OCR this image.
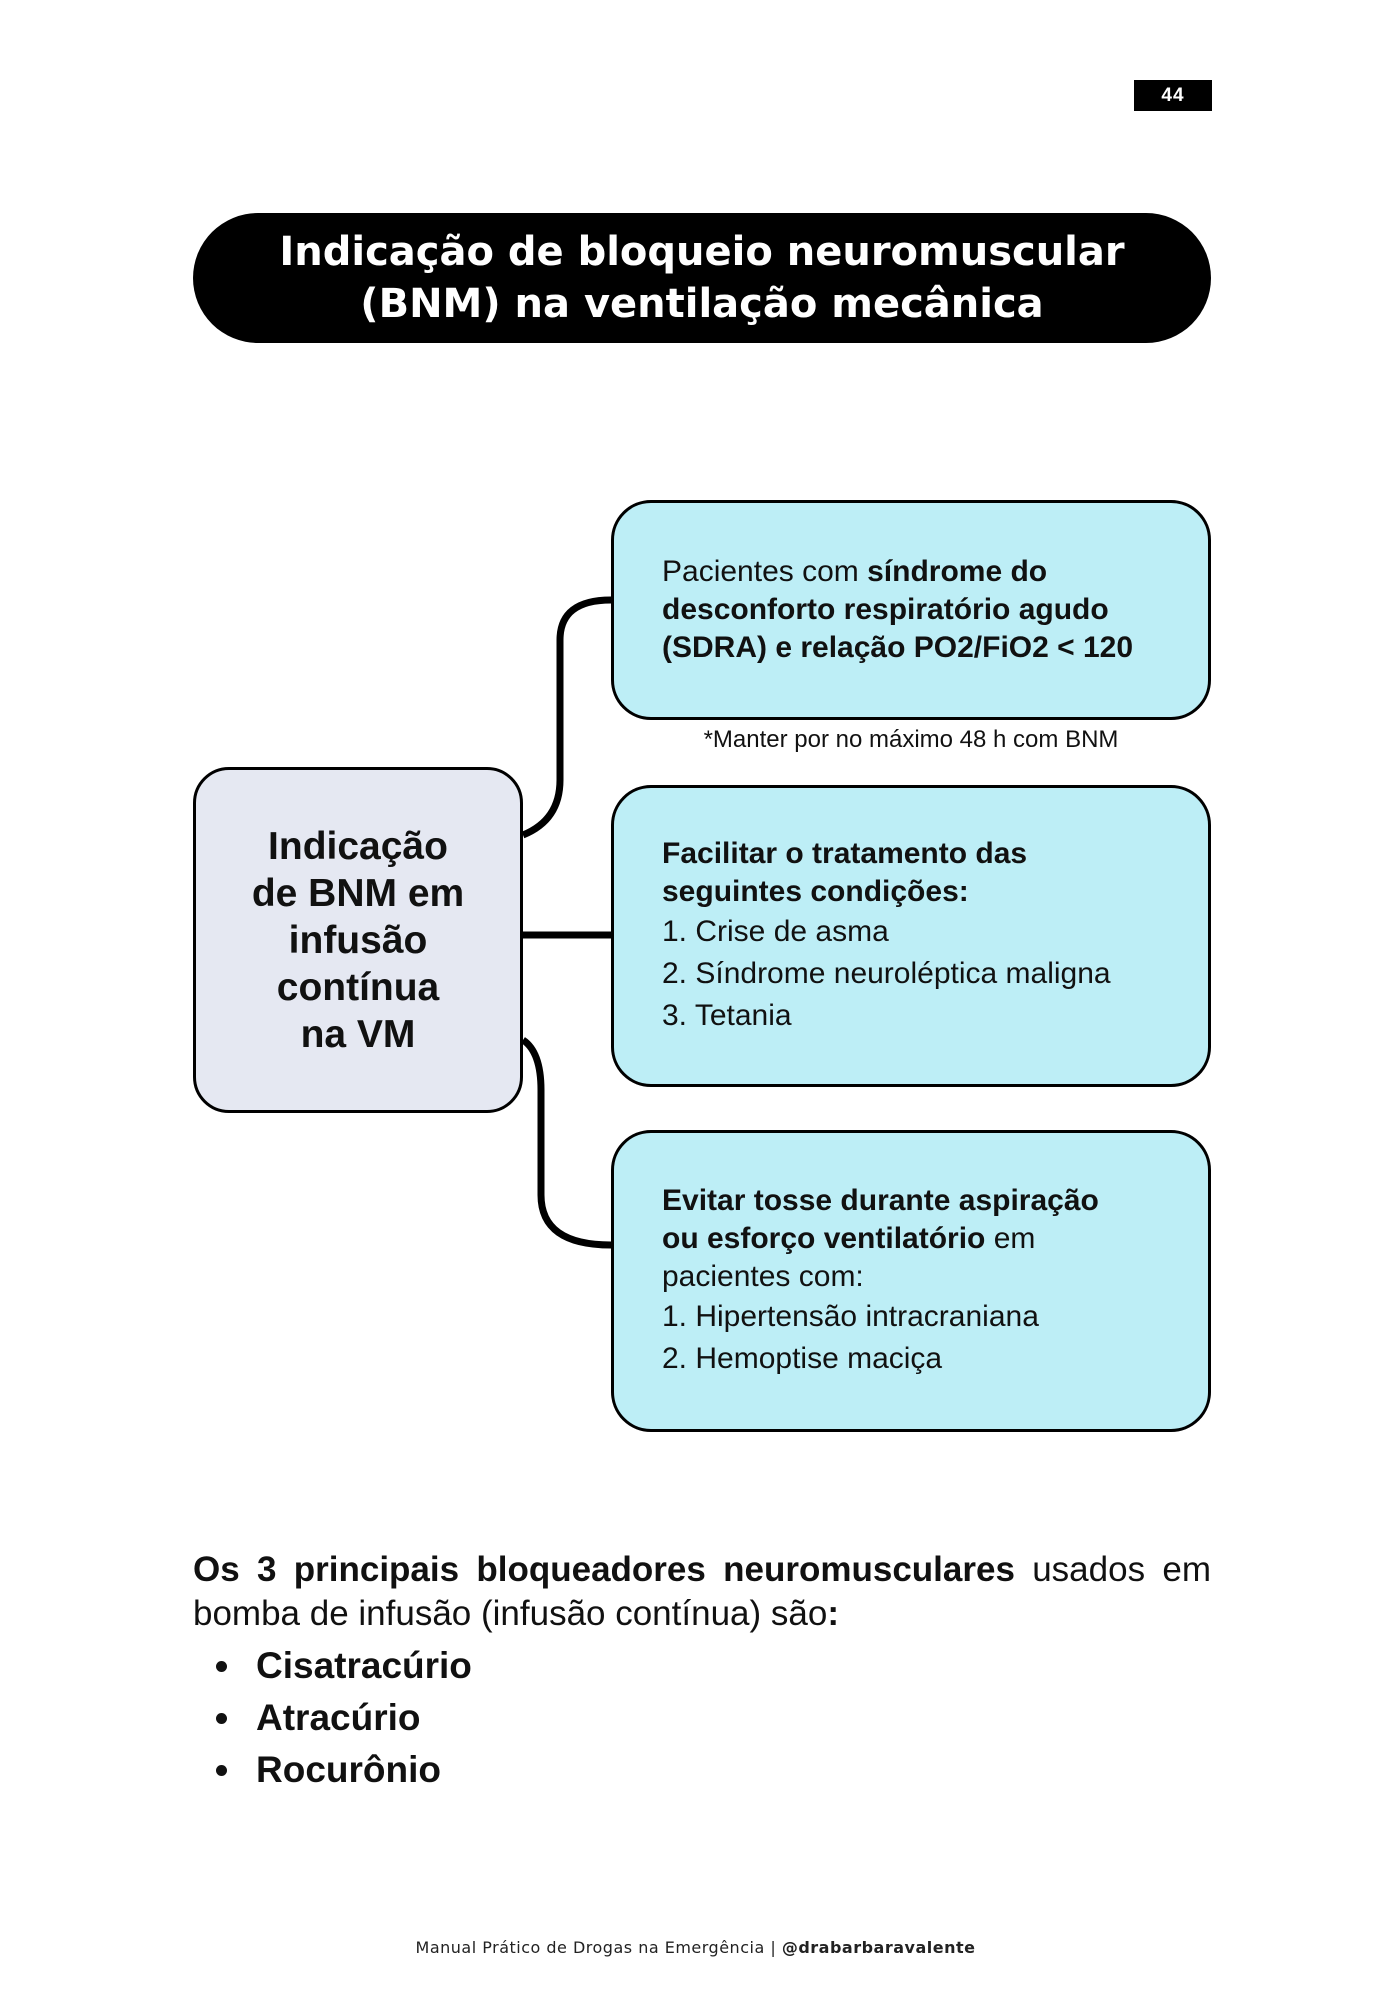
44
Indicação de bloqueio neuromuscular
(BNM) na ventilação mecânica
Indicação
de BNM em
infusão
contínua
na VM
Pacientes com síndrome do
desconforto respiratório agudo
(SDRA) e relação PO2/FiO2 < 120
*Manter por no máximo 48 h com BNM
Facilitar o tratamento das
seguintes condições:
1. Crise de asma
2. Síndrome neuroléptica maligna
3. Tetania
Evitar tosse durante aspiração
ou esforço ventilatório em
pacientes com:
1. Hipertensão intracraniana
2. Hemoptise maciça
Os 3 principais bloqueadores neuromusculares usados em bomba de infusão (infusão contínua) são:
Cisatracúrio
Atracúrio
Rocurônio
Manual Prático de Drogas na Emergência | @drabarbaravalente
